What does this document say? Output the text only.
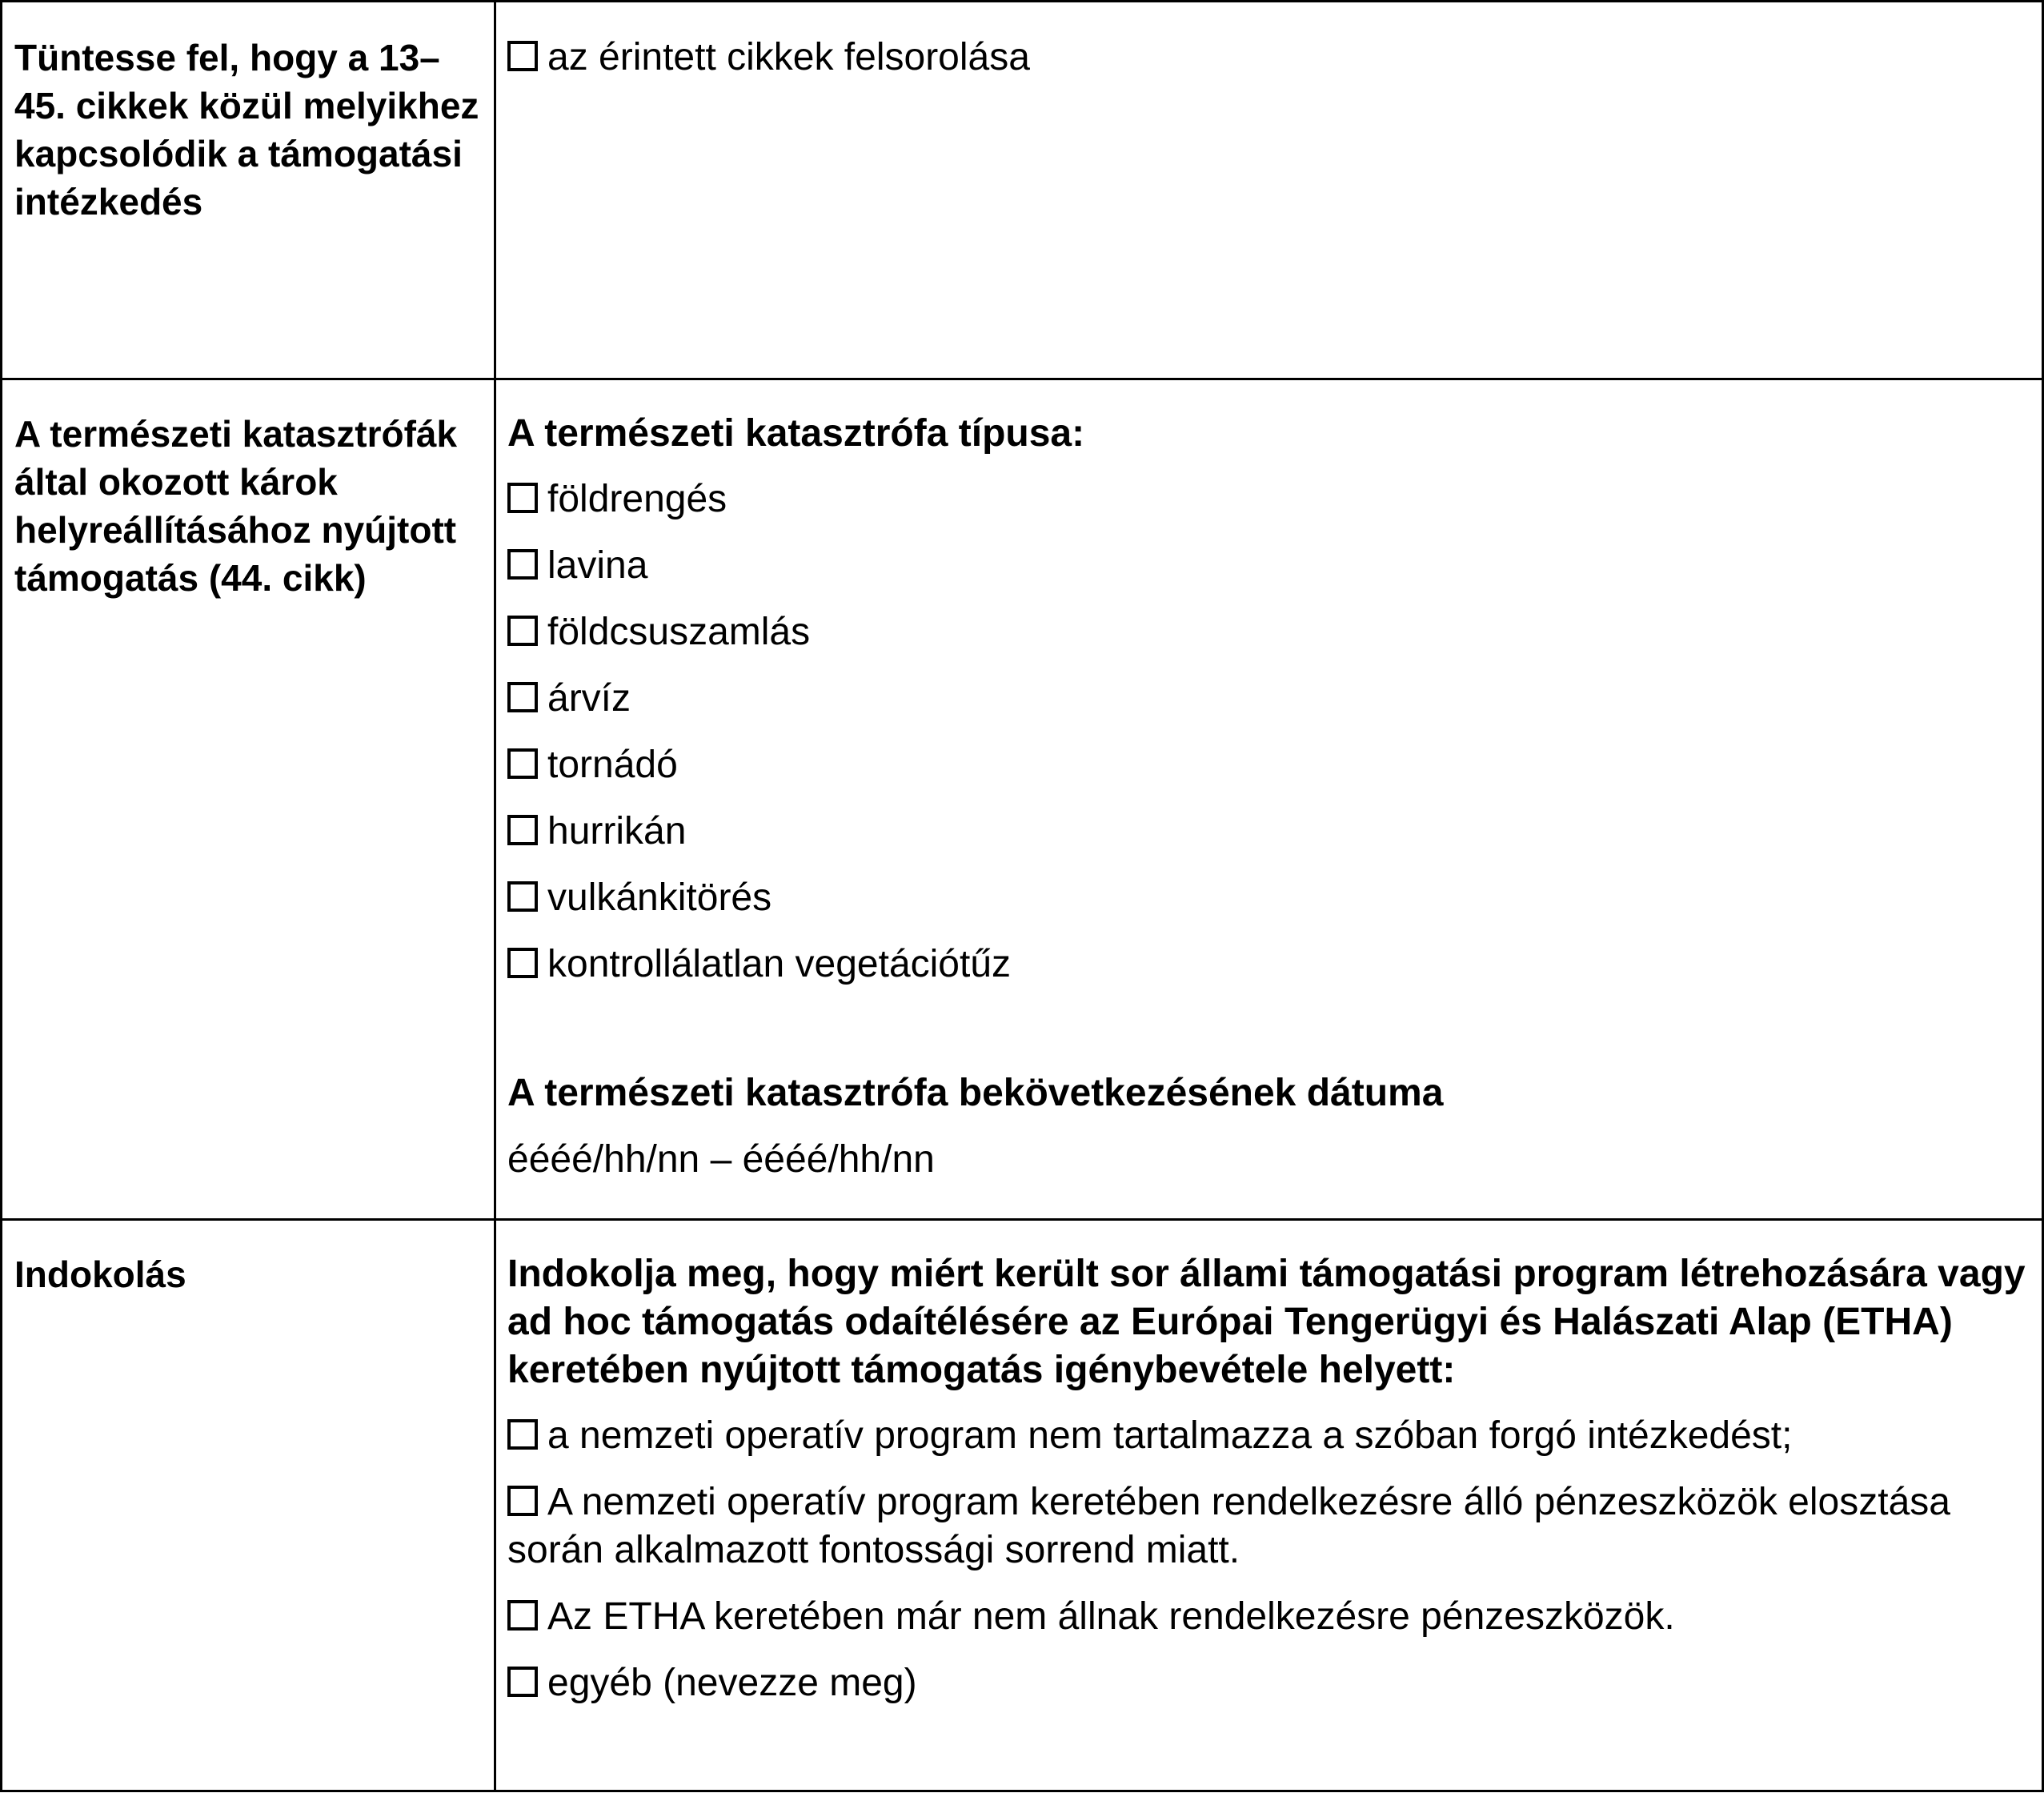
Tüntesse fel, hogy a 13–45. cikkek közül melyikhez kapcsolódik a támogatási intézkedés

az érintett cikkek felsorolása

A természeti katasztrófák által okozott károk helyreállításához nyújtott támogatás (44. cikk)

A természeti katasztrófa típusa:

földrengés

lavina

földcsuszamlás

árvíz

tornádó

hurrikán

vulkánkitörés

kontrollálatlan vegetációtűz

A természeti katasztrófa bekövetkezésének dátuma

éééé/hh/nn – éééé/hh/nn

Indokolás	Indokolja meg, hogy miért került sor állami támogatási program létrehozására vagy ad hoc támogatás odaítélésére az Európai Tengerügyi és Halászati Alap (ETHA) keretében nyújtott támogatás igénybevétele helyett:

a nemzeti operatív program nem tartalmazza a szóban forgó intézkedést;

A nemzeti operatív program keretében rendelkezésre álló pénzeszközök elosztása során alkalmazott fontossági sorrend miatt.

Az ETHA keretében már nem állnak rendelkezésre pénzeszközök.

egyéb (nevezze meg)
